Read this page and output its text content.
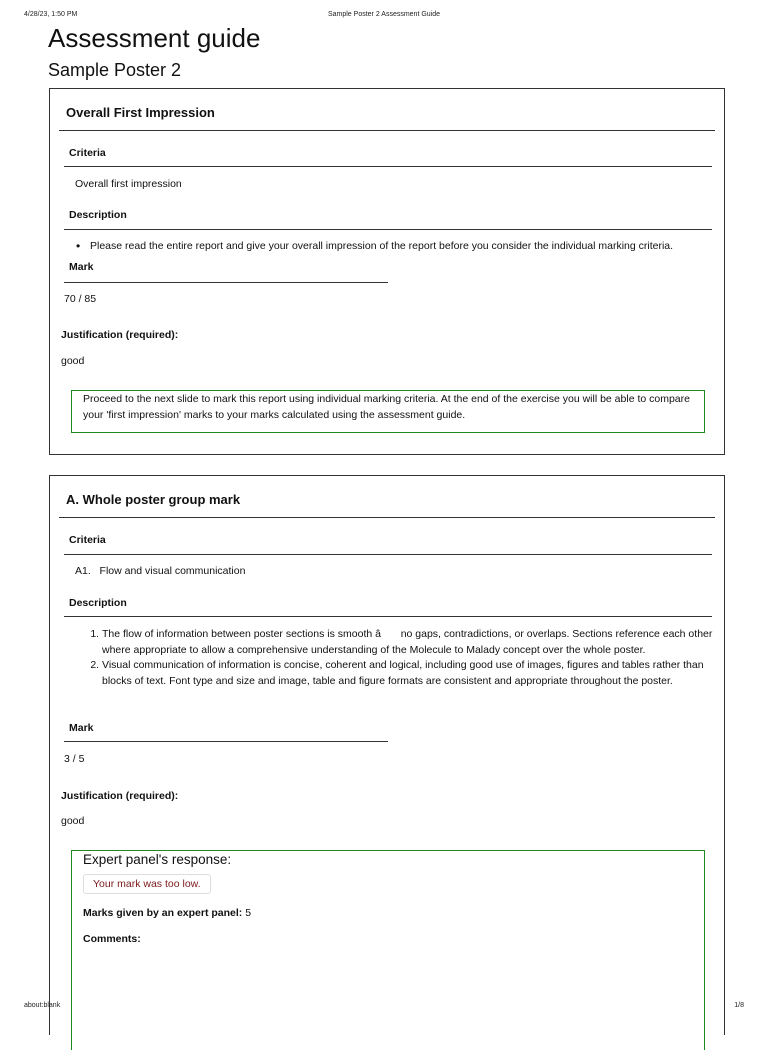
4/28/23, 1:50 PM	Sample Poster 2 Assessment Guide
Assessment guide
Sample Poster 2
Overall First Impression
Criteria
Overall first impression
Description
• Please read the entire report and give your overall impression of the report before you consider the individual marking criteria.
Mark
70 / 85
Justification (required):
good
Proceed to the next slide to mark this report using individual marking criteria. At the end of the exercise you will be able to compare your 'first impression' marks to your marks calculated using the assessment guide.
A. Whole poster group mark
Criteria
A1. Flow and visual communication
Description
1. The flow of information between poster sections is smooth â no gaps, contradictions, or overlaps. Sections reference each other where appropriate to allow a comprehensive understanding of the Molecule to Malady concept over the whole poster.
2. Visual communication of information is concise, coherent and logical, including good use of images, figures and tables rather than blocks of text. Font type and size and image, table and figure formats are consistent and appropriate throughout the poster.
Mark
3 / 5
Justification (required):
good
Expert panel's response:
Your mark was too low.
Marks given by an expert panel: 5
Comments:
about:blank	1/8
